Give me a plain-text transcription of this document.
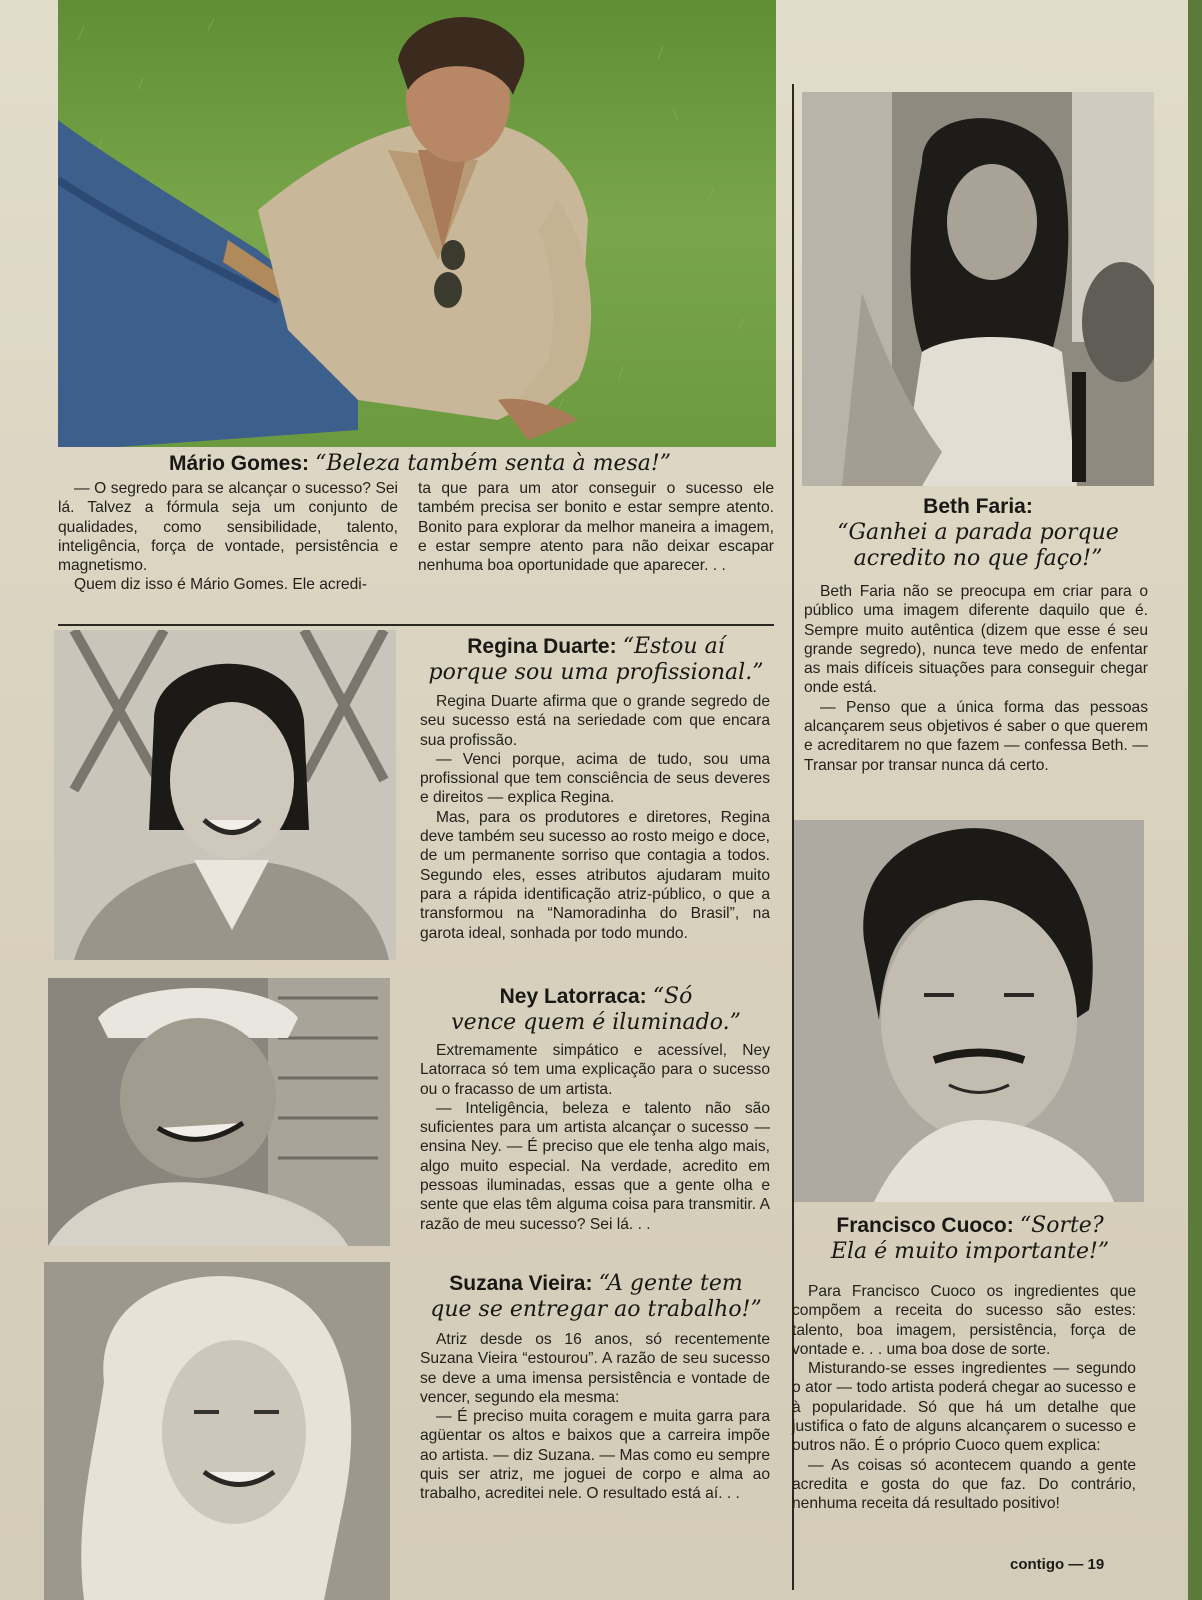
Mário Gomes: “Beleza também senta à mesa!”

— O segredo para se alcançar o sucesso? Sei lá. Talvez a fórmula seja um conjunto de qualidades, como sensibilidade, talento, inteligência, força de vontade, persistência e magnetismo.

Quem diz isso é Mário Gomes. Ele acredi-

ta que para um ator conseguir o sucesso ele também precisa ser bonito e estar sempre atento. Bonito para explorar da melhor maneira a imagem, e estar sempre atento para não deixar escapar nenhuma boa oportunidade que aparecer. . .

Beth Faria:
“Ganhei a parada porque
acredito no que faço!”

Beth Faria não se preocupa em criar para o público uma imagem diferente daquilo que é. Sempre muito autêntica (dizem que esse é seu grande segredo), nunca teve medo de enfentar as mais difíceis situações para conseguir chegar onde está.

— Penso que a única forma das pessoas alcançarem seus objetivos é saber o que querem e acreditarem no que fazem — confessa Beth. — Transar por transar nunca dá certo.

Regina Duarte: “Estou aí
porque sou uma profissional.”

Regina Duarte afirma que o grande segredo de seu sucesso está na seriedade com que encara sua profissão.

— Venci porque, acima de tudo, sou uma profissional que tem consciência de seus deveres e direitos — explica Regina.

Mas, para os produtores e diretores, Regina deve também seu sucesso ao rosto meigo e doce, de um permanente sorriso que contagia a todos. Segundo eles, esses atributos ajudaram muito para a rápida identificação atriz-público, o que a transformou na “Namoradinha do Brasil”, na garota ideal, sonhada por todo mundo.

Ney Latorraca: “Só
vence quem é iluminado.”

Extremamente simpático e acessível, Ney Latorraca só tem uma explicação para o sucesso ou o fracasso de um artista.

— Inteligência, beleza e talento não são suficientes para um artista alcançar o sucesso — ensina Ney. — É preciso que ele tenha algo mais, algo muito especial. Na verdade, acredito em pessoas iluminadas, essas que a gente olha e sente que elas têm alguma coisa para transmitir. A razão de meu sucesso? Sei lá. . .

Suzana Vieira: “A gente tem
que se entregar ao trabalho!”

Atriz desde os 16 anos, só recentemente Suzana Vieira “estourou”. A razão de seu sucesso se deve a uma imensa persistência e vontade de vencer, segundo ela mesma:

— É preciso muita coragem e muita garra para agüentar os altos e baixos que a carreira impõe ao artista. — diz Suzana. — Mas como eu sempre quis ser atriz, me joguei de corpo e alma ao trabalho, acreditei nele. O resultado está aí. . .

Francisco Cuoco: “Sorte?
Ela é muito importante!”

Para Francisco Cuoco os ingredientes que compõem a receita do sucesso são estes: talento, boa imagem, persistência, força de vontade e. . . uma boa dose de sorte.

Misturando-se esses ingredientes — segundo o ator — todo artista poderá chegar ao sucesso e à popularidade. Só que há um detalhe que justifica o fato de alguns alcançarem o sucesso e outros não. É o próprio Cuoco quem explica:

— As coisas só acontecem quando a gente acredita e gosta do que faz. Do contrário, nenhuma receita dá resultado positivo!

contigo — 19
